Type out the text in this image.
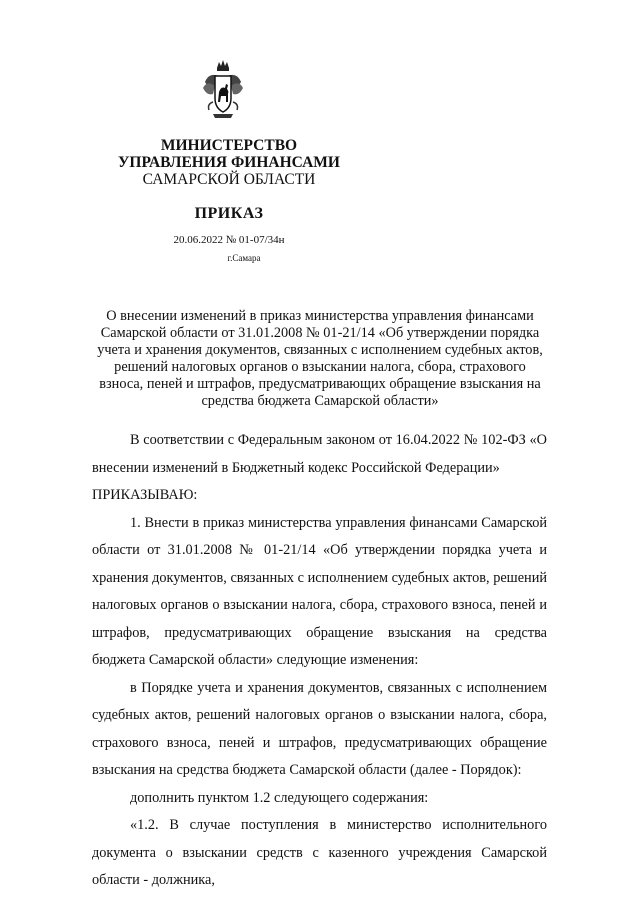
МИНИСТЕРСТВО
УПРАВЛЕНИЯ ФИНАНСАМИ
САМАРСКОЙ ОБЛАСТИ
ПРИКАЗ
20.06.2022 № 01-07/34н
г.Самара
О внесении изменений в приказ министерства управления финансами Самарской области от 31.01.2008 № 01-21/14 «Об утверждении порядка учета и хранения документов, связанных с исполнением судебных актов, решений налоговых органов о взыскании налога, сбора, страхового взноса, пеней и штрафов, предусматривающих обращение взыскания на средства бюджета Самарской области»

В соответствии с Федеральным законом от 16.04.2022 № 102-ФЗ «О внесении изменений в Бюджетный кодекс Российской Федерации»

ПРИКАЗЫВАЮ:

1. Внести в приказ министерства управления финансами Самарской области от 31.01.2008 № 01-21/14 «Об утверждении порядка учета и хранения документов, связанных с исполнением судебных актов, решений налоговых органов о взыскании налога, сбора, страхового взноса, пеней и штрафов, предусматривающих обращение взыскания на средства бюджета Самарской области» следующие изменения:

в Порядке учета и хранения документов, связанных с исполнением судебных актов, решений налоговых органов о взыскании налога, сбора, страхового взноса, пеней и штрафов, предусматривающих обращение взыскания на средства бюджета Самарской области (далее - Порядок):

дополнить пунктом 1.2 следующего содержания:

«1.2. В случае поступления в министерство исполнительного документа о взыскании средств с казенного учреждения Самарской области - должника,
